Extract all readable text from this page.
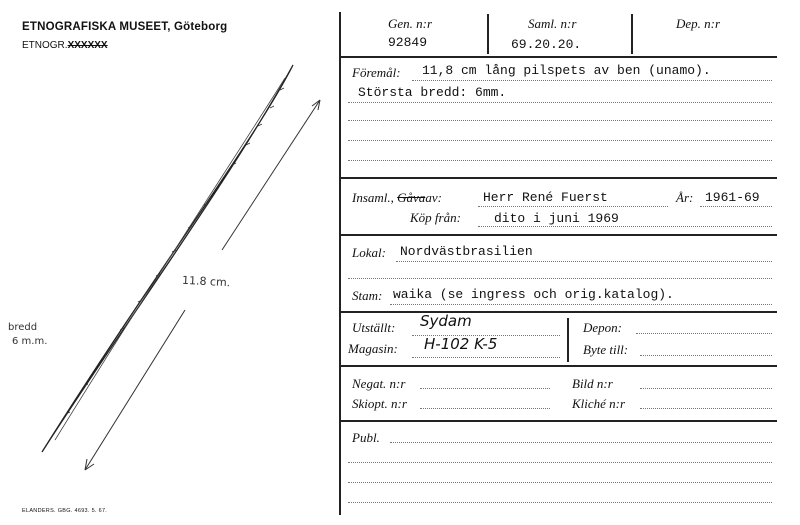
ETNOGRAFISKA MUSEET, Göteborg
ETNOGR.XXXXXX
11.8 cm.
bredd
6 m.m.
ELANDERS. GBG. 4693. 5. 67.
Gen. n:r
92849
Saml. n:r
69.20.20.
Dep. n:r
Föremål: 11,8 cm lång pilspets av ben (unamo).
Största bredd: 6mm.
Insaml., Gåvaav:	Herr René Fuerst	År: 1961-69
Köp från:	dito i juni 1969
Lokal: Nordvästbrasilien
Stam: waika (se ingress och orig.katalog).
Utställt: Sydam
Magasin: H-102 K-5
Depon:
Byte till:
Negat. n:r	Bild n:r
Skiopt. n:r	Kliché n:r
Publ.
